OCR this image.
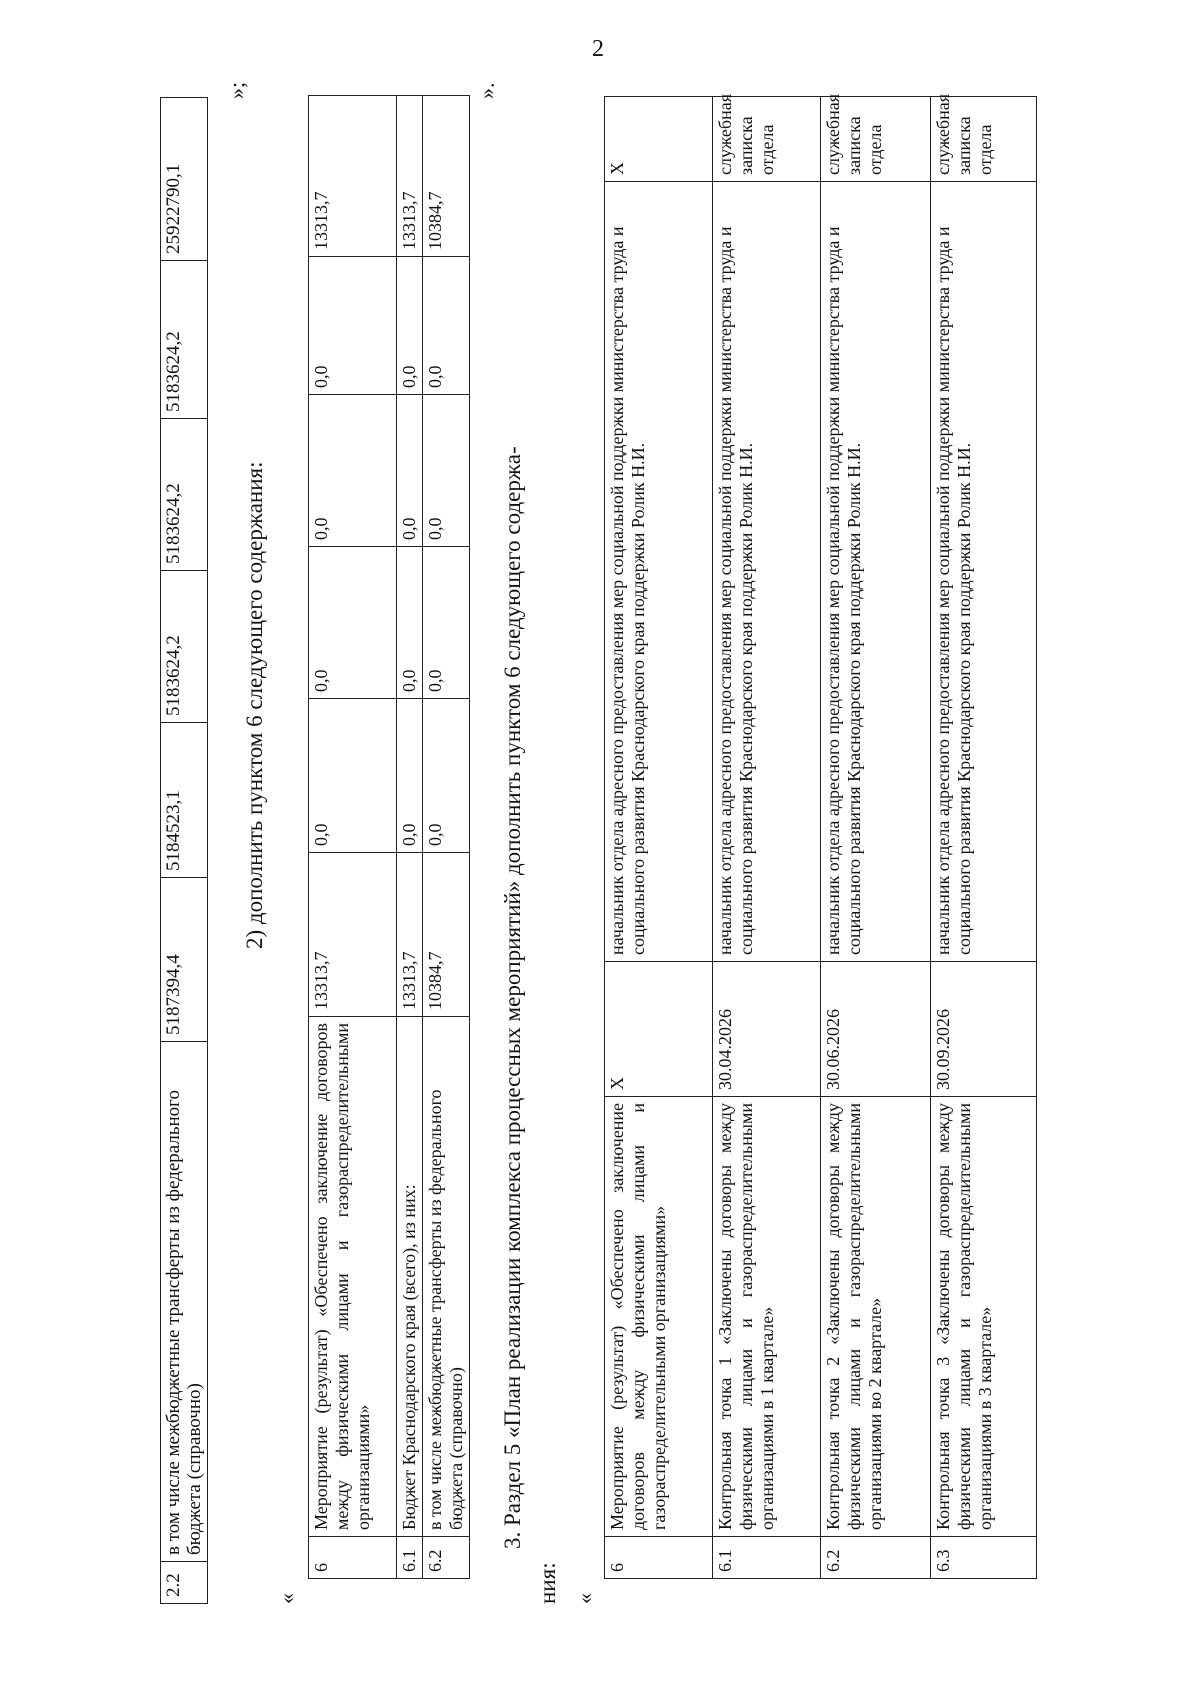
2
2.2	в том числе межбюджетные трансферты из федерального бюджета (справочно)	5187394,4	5184523,1	5183624,2	5183624,2	5183624,2	25922790,1
»;
2) дополнить пунктом 6 следующего содержания:
«
6	Мероприятие (результат) «Обеспечено заключение договоров между физическими лицами и газораспределительными организациями»	13313,7	0,0	0,0	0,0	0,0	13313,7
6.1	Бюджет Краснодарского края (всего), из них:	13313,7	0,0	0,0	0,0	0,0	13313,7
6.2	в том числе межбюджетные трансферты из федерального бюджета (справочно)	10384,7	0,0	0,0	0,0	0,0	10384,7
».
3. Раздел 5 «План реализации комплекса процессных мероприятий» дополнить пунктом 6 следующего содержа-
ния: «
6	Мероприятие (результат) «Обеспечено заключение договоров между физическими лицами и газораспределительными организациями»	X	начальник отдела адресного предоставления мер социальной поддержки министерства труда и социального развития Краснодарского края поддержки Ролик Н.И.	X
6.1	Контрольная точка 1 «Заключены договоры между физическими лицами и газораспределительными организациями в 1 квартале»	30.04.2026	начальник отдела адресного предоставления мер социальной поддержки министерства труда и социального развития Краснодарского края поддержки Ролик Н.И.	служебная записка отдела
6.2	Контрольная точка 2 «Заключены договоры между физическими лицами и газораспределительными организациями во 2 квартале»	30.06.2026	начальник отдела адресного предоставления мер социальной поддержки министерства труда и социального развития Краснодарского края поддержки Ролик Н.И.	служебная записка отдела
6.3	Контрольная точка 3 «Заключены договоры между физическими лицами и газораспределительными организациями в 3 квартале»	30.09.2026	начальник отдела адресного предоставления мер социальной поддержки министерства труда и социального развития Краснодарского края поддержки Ролик Н.И.	служебная записка отдела
